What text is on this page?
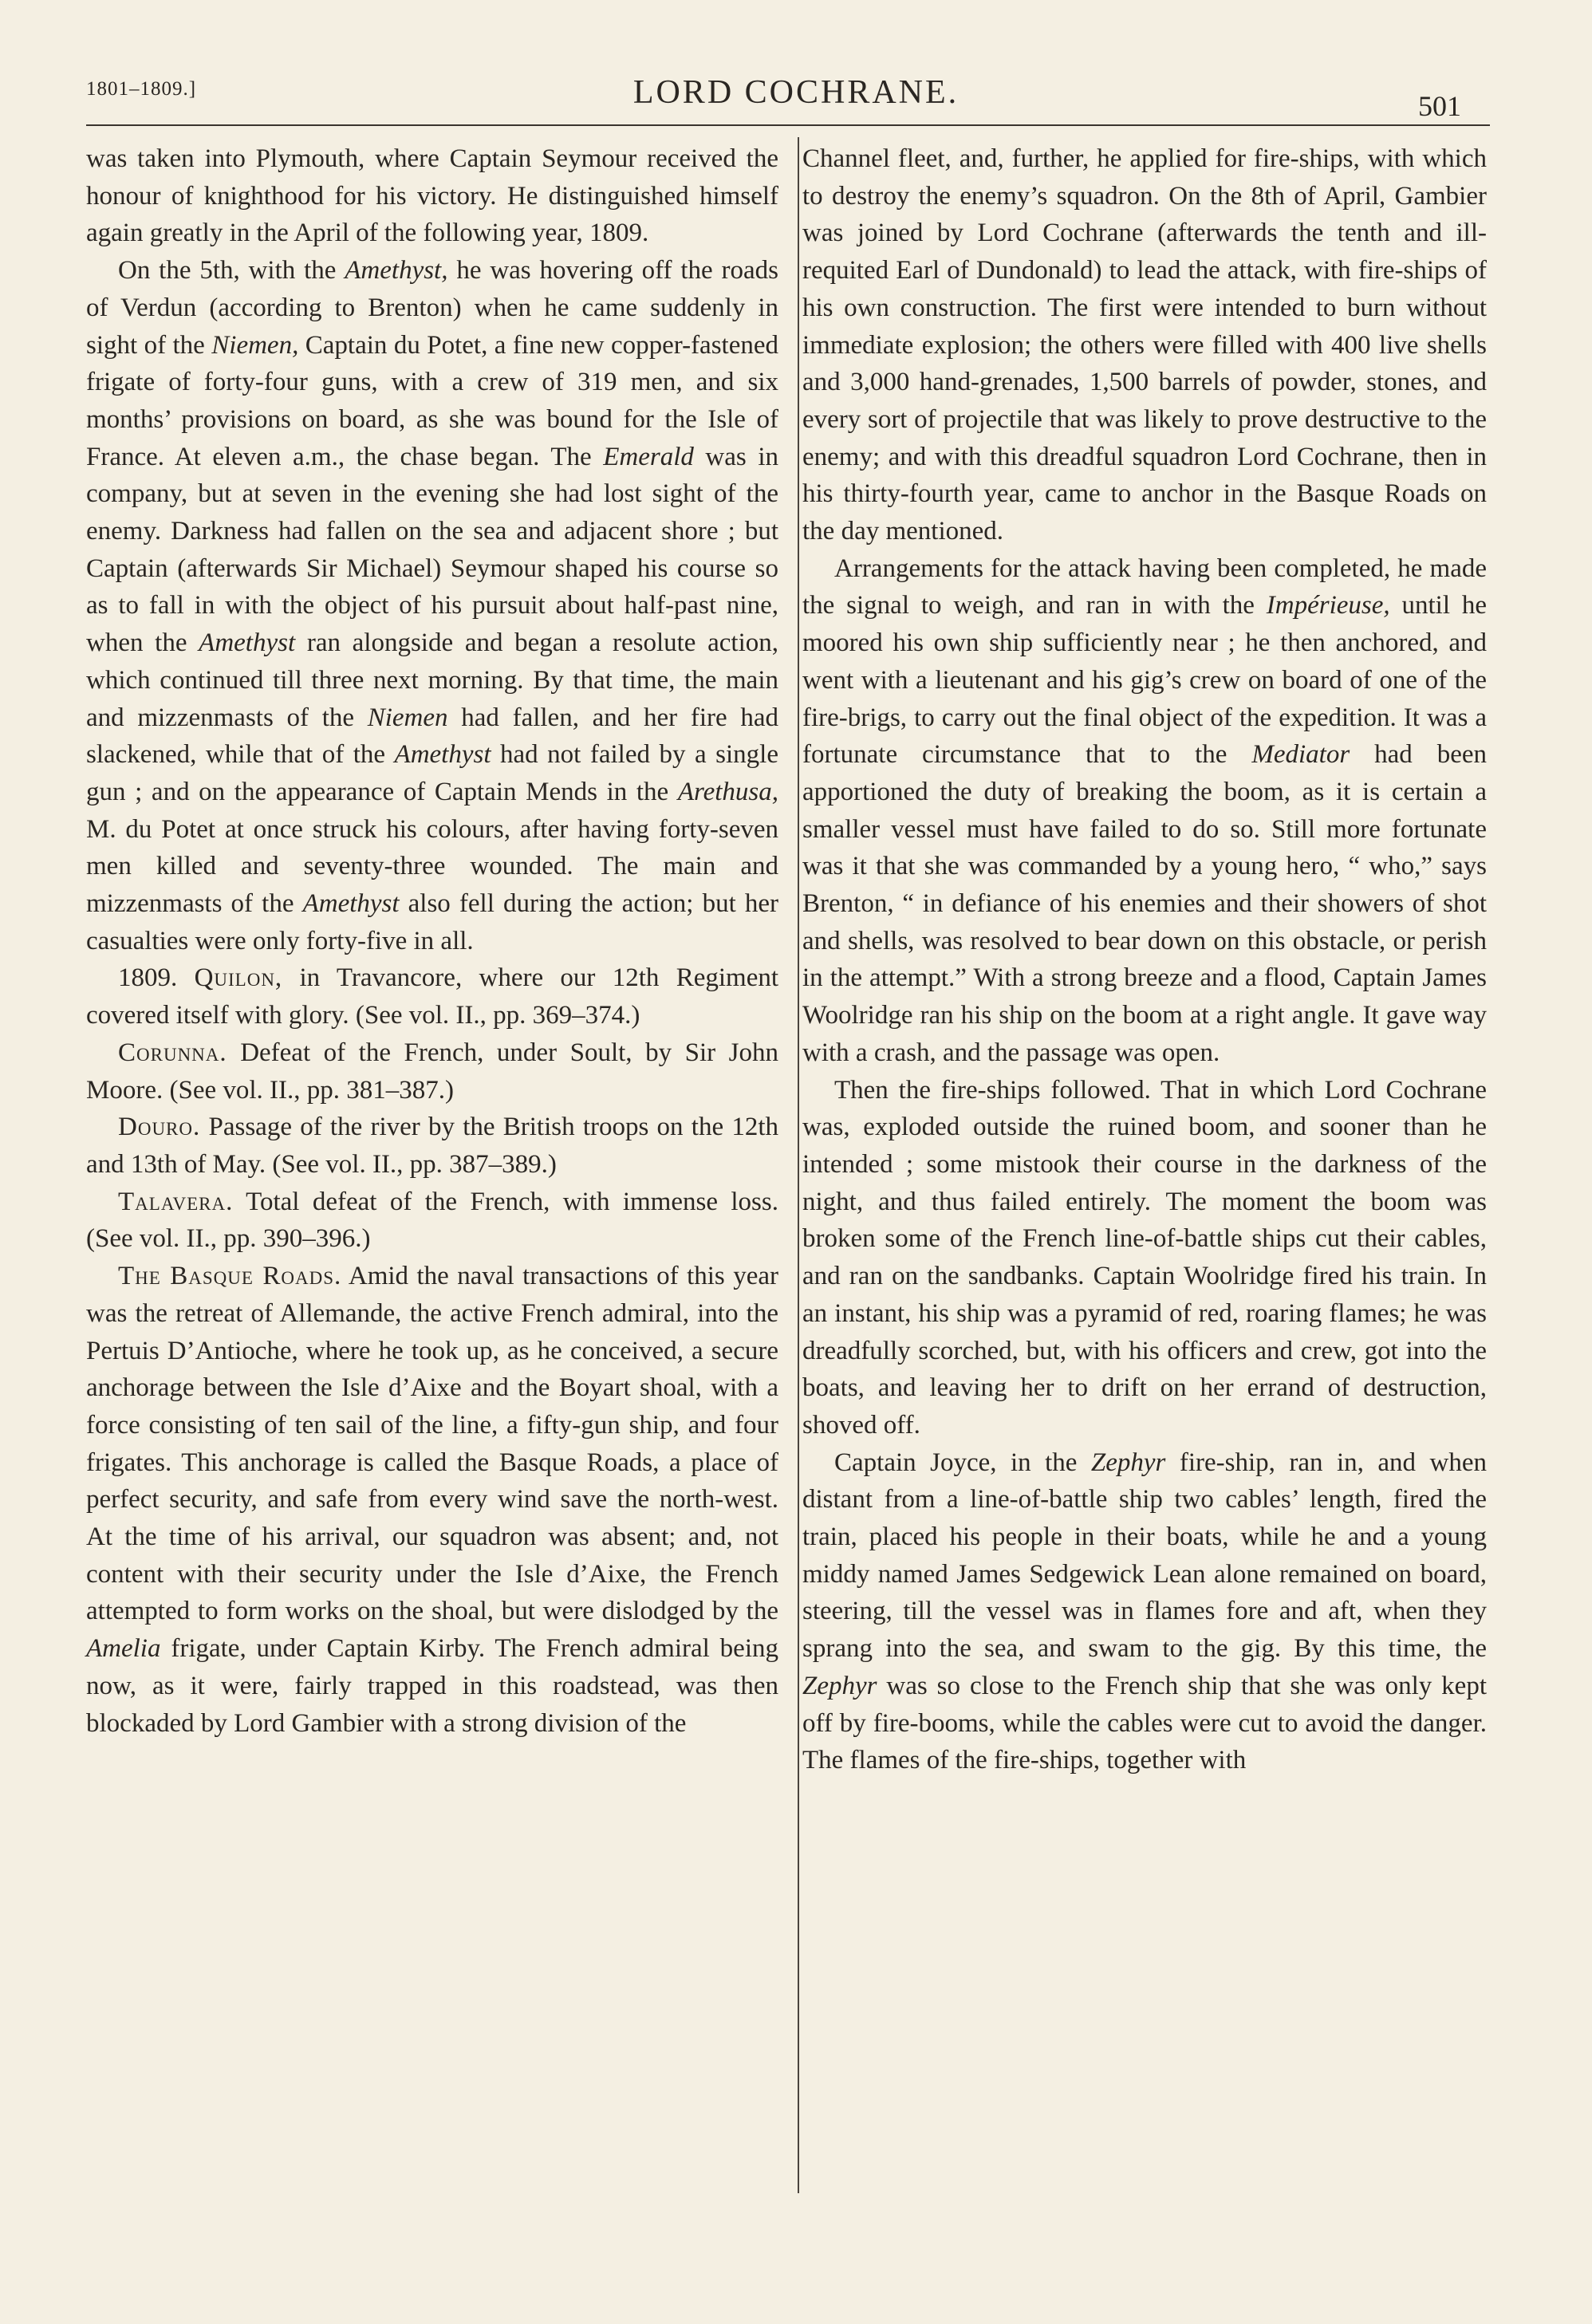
1801–1809.]	LORD COCHRANE.	501

was taken into Plymouth, where Captain Seymour received the honour of knighthood for his victory. He distinguished himself again greatly in the April of the following year, 1809.

On the 5th, with the Amethyst, he was hovering off the roads of Verdun (according to Brenton) when he came suddenly in sight of the Niemen, Captain du Potet, a fine new copper-fastened frigate of forty-four guns, with a crew of 319 men, and six months’ provisions on board, as she was bound for the Isle of France. At eleven a.m., the chase began. The Emerald was in company, but at seven in the evening she had lost sight of the enemy. Darkness had fallen on the sea and adjacent shore ; but Captain (afterwards Sir Michael) Seymour shaped his course so as to fall in with the object of his pursuit about half-past nine, when the Amethyst ran alongside and began a resolute action, which continued till three next morning. By that time, the main and mizzenmasts of the Niemen had fallen, and her fire had slackened, while that of the Amethyst had not failed by a single gun ; and on the appearance of Captain Mends in the Arethusa, M. du Potet at once struck his colours, after having forty-seven men killed and seventy-three wounded. The main and mizzenmasts of the Amethyst also fell during the action; but her casualties were only forty-five in all.

1809. Quilon, in Travancore, where our 12th Regiment covered itself with glory. (See vol. II., pp. 369–374.)

Corunna. Defeat of the French, under Soult, by Sir John Moore. (See vol. II., pp. 381–387.)

Douro. Passage of the river by the British troops on the 12th and 13th of May. (See vol. II., pp. 387–389.)

Talavera. Total defeat of the French, with immense loss. (See vol. II., pp. 390–396.)

The Basque Roads. Amid the naval transactions of this year was the retreat of Allemande, the active French admiral, into the Pertuis D’Antioche, where he took up, as he conceived, a secure anchorage between the Isle d’Aixe and the Boyart shoal, with a force consisting of ten sail of the line, a fifty-gun ship, and four frigates. This anchorage is called the Basque Roads, a place of perfect security, and safe from every wind save the north-west. At the time of his arrival, our squadron was absent; and, not content with their security under the Isle d’Aixe, the French attempted to form works on the shoal, but were dislodged by the Amelia frigate, under Captain Kirby. The French admiral being now, as it were, fairly trapped in this roadstead, was then blockaded by Lord Gambier with a strong division of the

Channel fleet, and, further, he applied for fire-ships, with which to destroy the enemy’s squadron. On the 8th of April, Gambier was joined by Lord Cochrane (afterwards the tenth and ill-requited Earl of Dundonald) to lead the attack, with fire-ships of his own construction. The first were intended to burn without immediate explosion; the others were filled with 400 live shells and 3,000 hand-grenades, 1,500 barrels of powder, stones, and every sort of projectile that was likely to prove destructive to the enemy; and with this dreadful squadron Lord Cochrane, then in his thirty-fourth year, came to anchor in the Basque Roads on the day mentioned.

Arrangements for the attack having been completed, he made the signal to weigh, and ran in with the Impérieuse, until he moored his own ship sufficiently near ; he then anchored, and went with a lieutenant and his gig’s crew on board of one of the fire-brigs, to carry out the final object of the expedition. It was a fortunate circumstance that to the Mediator had been apportioned the duty of breaking the boom, as it is certain a smaller vessel must have failed to do so. Still more fortunate was it that she was commanded by a young hero, “ who,” says Brenton, “ in defiance of his enemies and their showers of shot and shells, was resolved to bear down on this obstacle, or perish in the attempt.” With a strong breeze and a flood, Captain James Woolridge ran his ship on the boom at a right angle. It gave way with a crash, and the passage was open.

Then the fire-ships followed. That in which Lord Cochrane was, exploded outside the ruined boom, and sooner than he intended ; some mistook their course in the darkness of the night, and thus failed entirely. The moment the boom was broken some of the French line-of-battle ships cut their cables, and ran on the sandbanks. Captain Woolridge fired his train. In an instant, his ship was a pyramid of red, roaring flames; he was dreadfully scorched, but, with his officers and crew, got into the boats, and leaving her to drift on her errand of destruction, shoved off.

Captain Joyce, in the Zephyr fire-ship, ran in, and when distant from a line-of-battle ship two cables’ length, fired the train, placed his people in their boats, while he and a young middy named James Sedgewick Lean alone remained on board, steering, till the vessel was in flames fore and aft, when they sprang into the sea, and swam to the gig. By this time, the Zephyr was so close to the French ship that she was only kept off by fire-booms, while the cables were cut to avoid the danger. The flames of the fire-ships, together with
